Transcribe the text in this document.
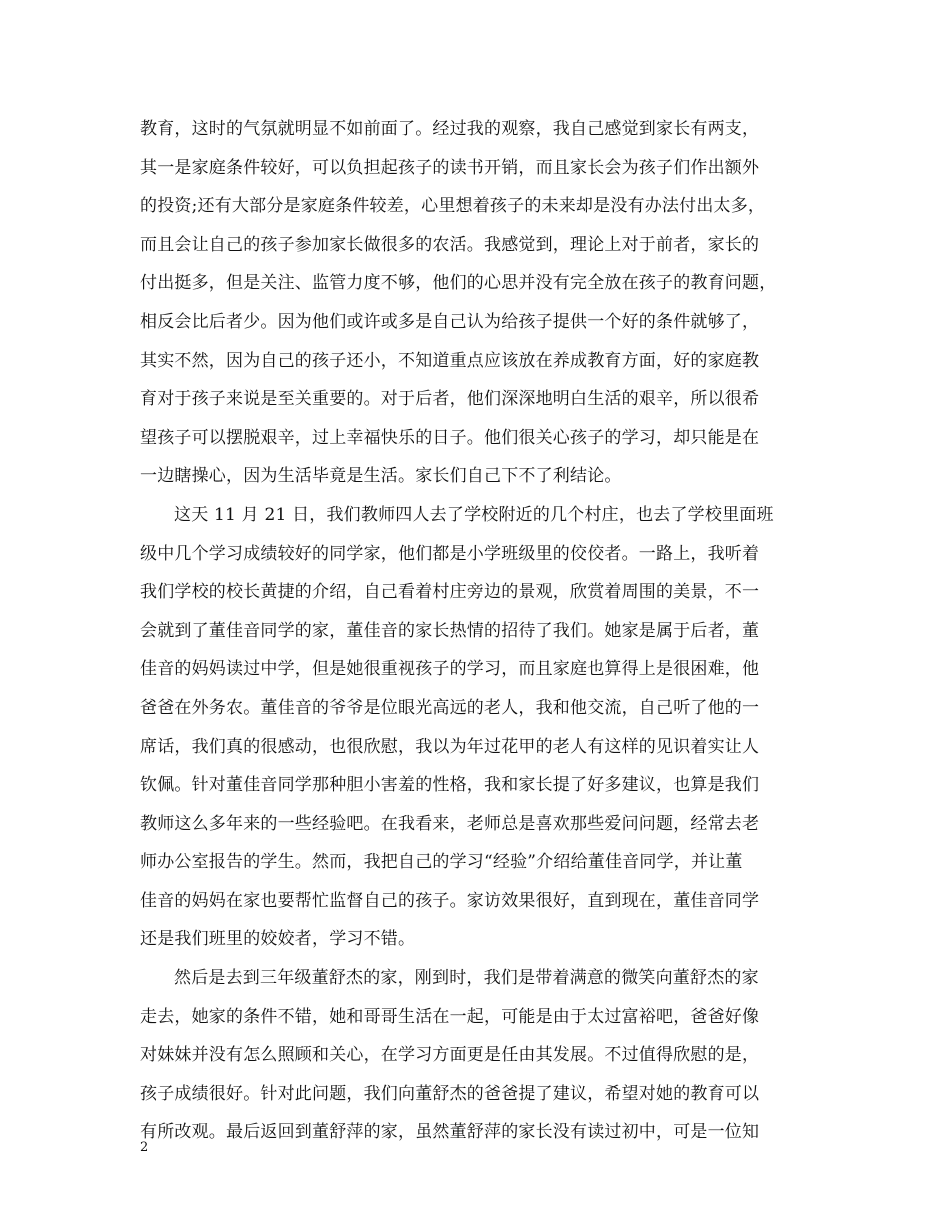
教育，这时的气氛就明显不如前面了。经过我的观察，我自己感觉到家长有两支，
其一是家庭条件较好，可以负担起孩子的读书开销，而且家长会为孩子们作出额外
的投资;还有大部分是家庭条件较差，心里想着孩子的未来却是没有办法付出太多，
而且会让自己的孩子参加家长做很多的农活。我感觉到，理论上对于前者，家长的
付出挺多，但是关注、监管力度不够，他们的心思并没有完全放在孩子的教育问题，
相反会比后者少。因为他们或许或多是自己认为给孩子提供一个好的条件就够了，
其实不然，因为自己的孩子还小，不知道重点应该放在养成教育方面，好的家庭教
育对于孩子来说是至关重要的。对于后者，他们深深地明白生活的艰辛，所以很希
望孩子可以摆脱艰辛，过上幸福快乐的日子。他们很关心孩子的学习，却只能是在
一边瞎操心，因为生活毕竟是生活。家长们自己下不了利结论。
这天 11 月 21 日，我们教师四人去了学校附近的几个村庄，也去了学校里面班
级中几个学习成绩较好的同学家，他们都是小学班级里的佼佼者。一路上，我听着
我们学校的校长黄捷的介绍，自己看着村庄旁边的景观，欣赏着周围的美景，不一
会就到了董佳音同学的家，董佳音的家长热情的招待了我们。她家是属于后者，董
佳音的妈妈读过中学，但是她很重视孩子的学习，而且家庭也算得上是很困难，他
爸爸在外务农。董佳音的爷爷是位眼光高远的老人，我和他交流，自己听了他的一
席话，我们真的很感动，也很欣慰，我以为年过花甲的老人有这样的见识着实让人
钦佩。针对董佳音同学那种胆小害羞的性格，我和家长提了好多建议，也算是我们
教师这么多年来的一些经验吧。在我看来，老师总是喜欢那些爱问问题，经常去老
师办公室报告的学生。然而，我把自己的学习“经验”介绍给董佳音同学，并让董
佳音的妈妈在家也要帮忙监督自己的孩子。家访效果很好，直到现在，董佳音同学
还是我们班里的姣姣者，学习不错。
然后是去到三年级董舒杰的家，刚到时，我们是带着满意的微笑向董舒杰的家
走去，她家的条件不错，她和哥哥生活在一起，可能是由于太过富裕吧，爸爸好像
对妹妹并没有怎么照顾和关心，在学习方面更是任由其发展。不过值得欣慰的是，
孩子成绩很好。针对此问题，我们向董舒杰的爸爸提了建议，希望对她的教育可以
有所改观。最后返回到董舒萍的家，虽然董舒萍的家长没有读过初中，可是一位知
2
